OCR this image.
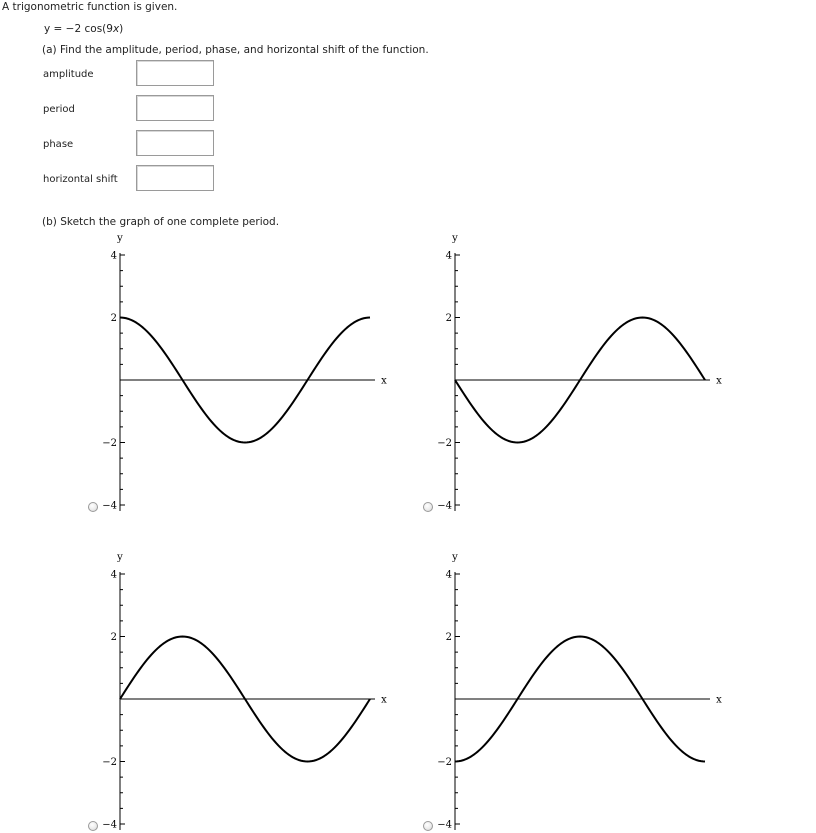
A trigonometric function is given.
y = −2 cos(9x)
(a) Find the amplitude, period, phase, and horizontal shift of the function.
amplitude
period
phase
horizontal shift
(b) Sketch the graph of one complete period.
4
2
−2
−4
y
x
4
2
−2
−4
y
x
4
2
−2
−4
y
x
4
2
−2
−4
y
x
